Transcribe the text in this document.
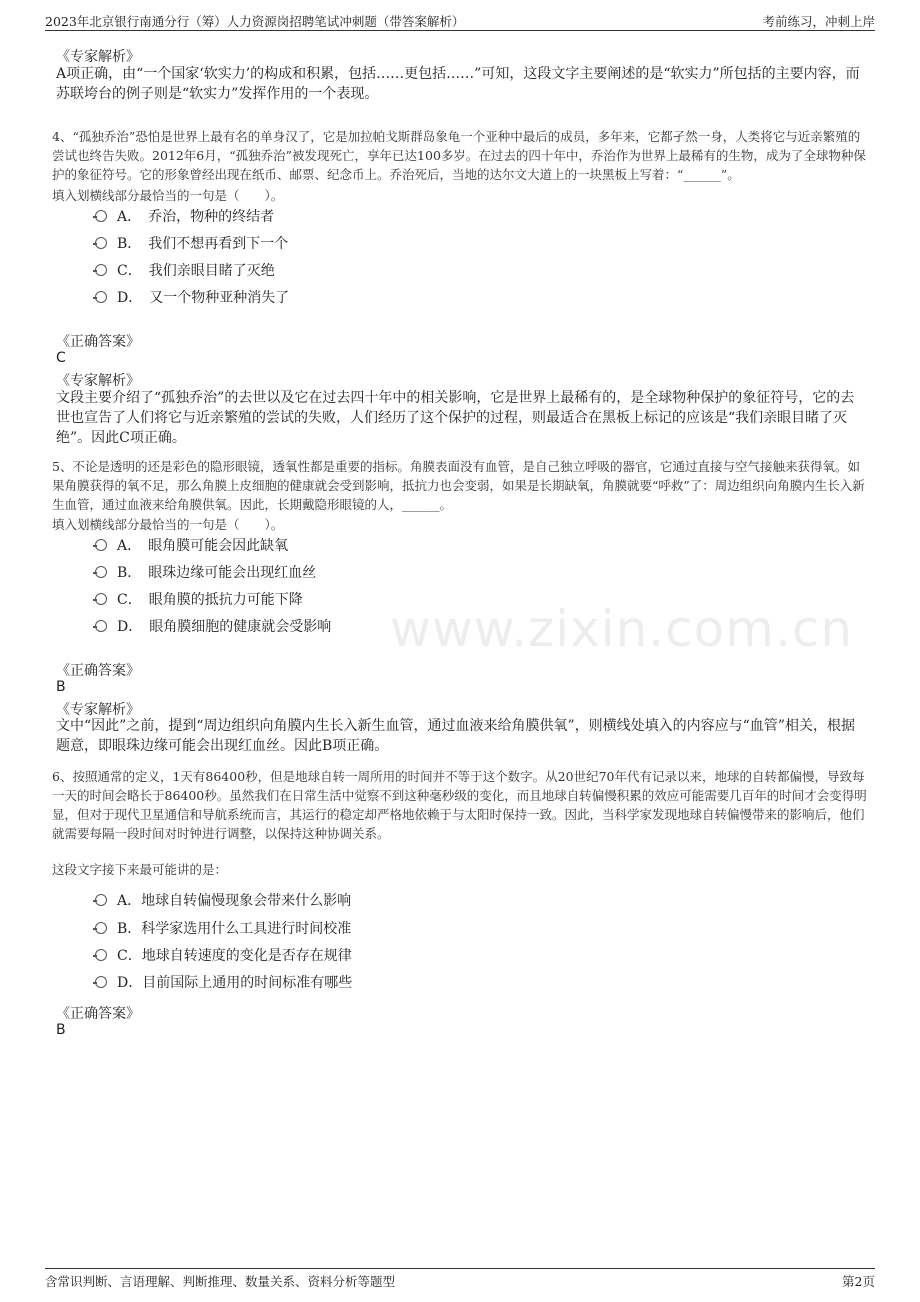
2023年北京银行南通分行（筹）人力资源岗招聘笔试冲刺题（带答案解析）	考前练习，冲刺上岸
《专家解析》
A项正确，由“一个国家‘软实力’的构成和积累，包括……更包括……”可知，这段文字主要阐述的是“软实力”所包括的主要内容，而苏联垮台的例子则是“软实力”发挥作用的一个表现。
4、“孤独乔治”恐怕是世界上最有名的单身汉了，它是加拉帕戈斯群岛象龟一个亚种中最后的成员，多年来，它都孑然一身，人类将它与近亲繁殖的尝试也终告失败。2012年6月，“孤独乔治”被发现死亡，享年已达100多岁。在过去的四十年中，乔治作为世界上最稀有的生物，成为了全球物种保护的象征符号。它的形象曾经出现在纸币、邮票、纪念币上。乔治死后，当地的达尔文大道上的一块黑板上写着：“______”。
填入划横线部分最恰当的一句是（　　）。
A．　乔治，物种的终结者
B．　我们不想再看到下一个
C．　我们亲眼目睹了灭绝
D．　又一个物种亚种消失了
《正确答案》
C
《专家解析》
文段主要介绍了“孤独乔治”的去世以及它在过去四十年中的相关影响，它是世界上最稀有的，是全球物种保护的象征符号，它的去世也宣告了人们将它与近亲繁殖的尝试的失败，人们经历了这个保护的过程，则最适合在黑板上标记的应该是“我们亲眼目睹了灭绝”。因此C项正确。
5、不论是透明的还是彩色的隐形眼镜，透氧性都是重要的指标。角膜表面没有血管，是自己独立呼吸的器官，它通过直接与空气接触来获得氧。如果角膜获得的氧不足，那么角膜上皮细胞的健康就会受到影响，抵抗力也会变弱，如果是长期缺氧，角膜就要“呼救”了：周边组织向角膜内生长入新生血管，通过血液来给角膜供氧。因此，长期戴隐形眼镜的人，______。
填入划横线部分最恰当的一句是（　　）。
A．　眼角膜可能会因此缺氧
B．　眼珠边缘可能会出现红血丝
C．　眼角膜的抵抗力可能下降
D．　眼角膜细胞的健康就会受影响
《正确答案》
B
《专家解析》
文中“因此”之前，提到“周边组织向角膜内生长入新生血管，通过血液来给角膜供氧”，则横线处填入的内容应与“血管”相关，根据题意，即眼珠边缘可能会出现红血丝。因此B项正确。
6、按照通常的定义，1天有86400秒，但是地球自转一周所用的时间并不等于这个数字。从20世纪70年代有记录以来，地球的自转都偏慢，导致每一天的时间会略长于86400秒。虽然我们在日常生活中觉察不到这种毫秒级的变化，而且地球自转偏慢积累的效应可能需要几百年的时间才会变得明显，但对于现代卫星通信和导航系统而言，其运行的稳定却严格地依赖于与太阳时保持一致。因此，当科学家发现地球自转偏慢带来的影响后，他们就需要每隔一段时间对时钟进行调整，以保持这种协调关系。
这段文字接下来最可能讲的是：
A．地球自转偏慢现象会带来什么影响
B．科学家选用什么工具进行时间校准
C．地球自转速度的变化是否存在规律
D．目前国际上通用的时间标准有哪些
《正确答案》
B
www.zixin.com.cn
含常识判断、言语理解、判断推理、数量关系、资料分析等题型	第2页
